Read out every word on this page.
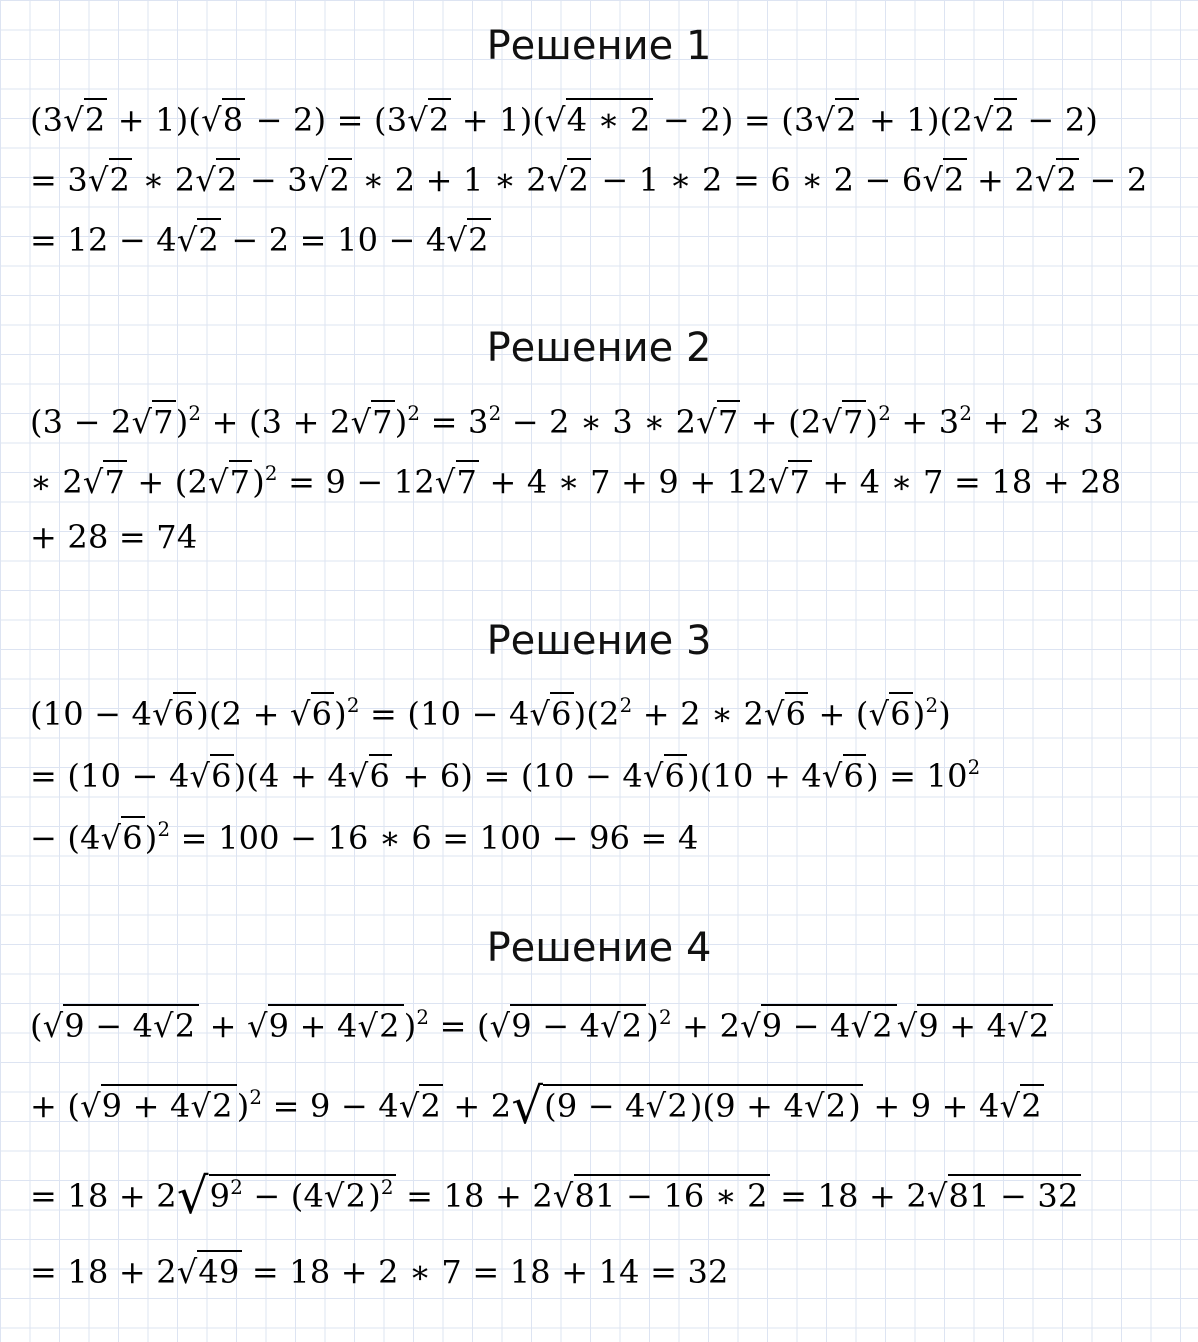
Решение 1
(3√2 + 1)(√8 − 2) = (3√2 + 1)(√4 ∗ 2 − 2) = (3√2 + 1)(2√2 − 2)
= 3√2 ∗ 2√2 − 3√2 ∗ 2 + 1 ∗ 2√2 − 1 ∗ 2 = 6 ∗ 2 − 6√2 + 2√2 − 2
= 12 − 4√2 − 2 = 10 − 4√2
Решение 2
$(3 - 2√7)^2 + (3 + 2√7)^2 = 3^2 - 2$ ∗ 3 ∗ $2√7 + (2√7)^2 + 3^2 + 2$ ∗ 3
∗ $2√7 + (2√7)^2 = 9 - 12√7 + 4$ ∗ 7 + 9 + 12√7 + 4 ∗ 7 = 18 + 28
+ 28 = 74
Решение 3
$(10 - 4√6)(2 + √6)^2 = (10 - 4√6)(2^2 + 2$ ∗ $2√6 + (√6)^2$)
= $(10 - 4√6)(4 + 4√6 + 6) = (10 - 4√6)(10 + 4√6) = 10^2$
− $(4√6)^2 = 100 - 16$ ∗ 6 = 100 − 96 = 4
Решение 4
(√9 − 4√2 + √9 + 4√2 )$^2$ = (√9 − 4√2 )$^2$ + 2√9 − 4√2 √9 + 4√2
+ (√9 + 4√2 )$^2$ = 9 − 4√2 + 2√(9 − 4√2)(9 + 4√2) + 9 + 4√2
= $18 + 2√9^2 - (4√2)^2 = 18 + 2√81 - 16$ ∗ 2 = 18 + 2√81 − 32
= 18 + 2√49 = 18 + 2 ∗ 7 = 18 + 14 = 32
